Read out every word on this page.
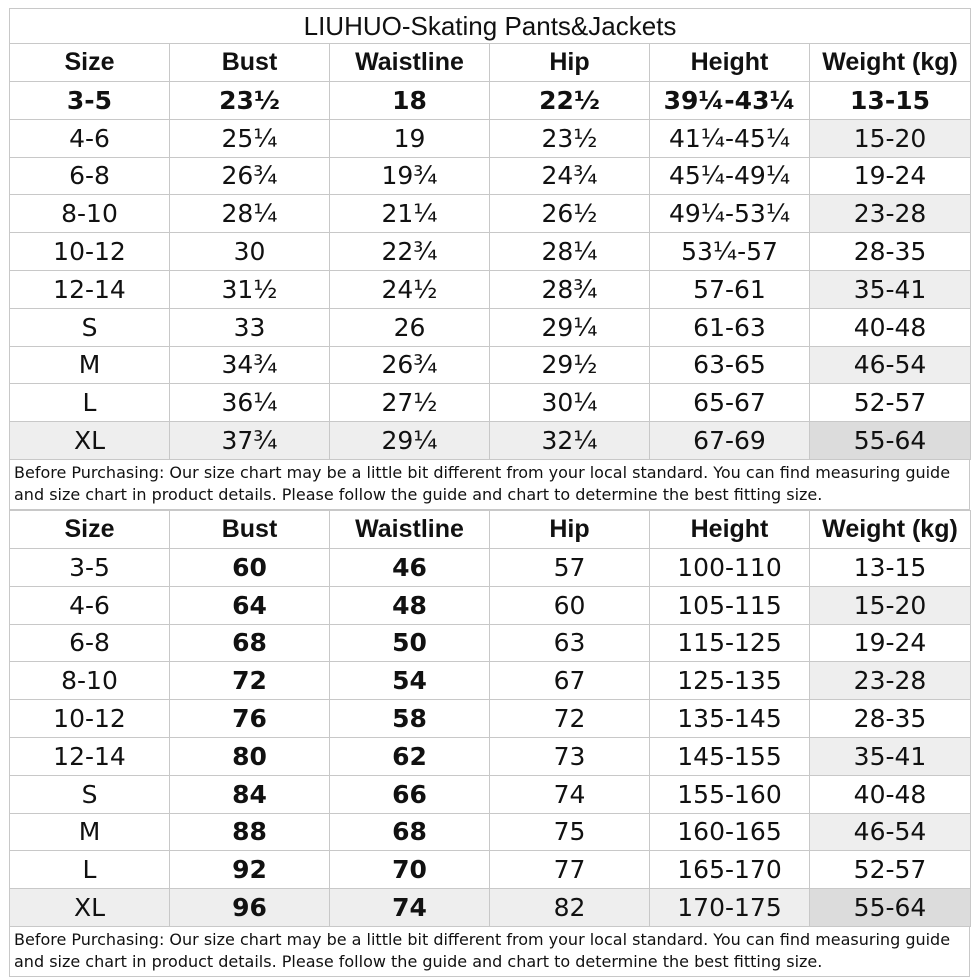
LIUHUO-Skating Pants&Jackets					
Size	Bust	Waistline	Hip	Height	Weight (kg)
3-5	23½	18	22½	39¼-43¼	13-15
4-6	25¼	19	23½	41¼-45¼	15-20
6-8	26¾	19¾	24¾	45¼-49¼	19-24
8-10	28¼	21¼	26½	49¼-53¼	23-28
10-12	30	22¾	28¼	53¼-57	28-35
12-14	31½	24½	28¾	57-61	35-41
S	33	26	29¼	61-63	40-48
M	34¾	26¾	29½	63-65	46-54
L	36¼	27½	30¼	65-67	52-57
XL	37¾	29¼	32¼	67-69	55-64
Before Purchasing: Our size chart may be a little bit different from your local standard. You can find measuring guide and size chart in product details. Please follow the guide and chart to determine the best fitting size.
Size	Bust	Waistline	Hip	Height	Weight (kg)
3-5	60	46	57	100-110	13-15
4-6	64	48	60	105-115	15-20
6-8	68	50	63	115-125	19-24
8-10	72	54	67	125-135	23-28
10-12	76	58	72	135-145	28-35
12-14	80	62	73	145-155	35-41
S	84	66	74	155-160	40-48
M	88	68	75	160-165	46-54
L	92	70	77	165-170	52-57
XL	96	74	82	170-175	55-64
Before Purchasing: Our size chart may be a little bit different from your local standard. You can find measuring guide and size chart in product details. Please follow the guide and chart to determine the best fitting size.
